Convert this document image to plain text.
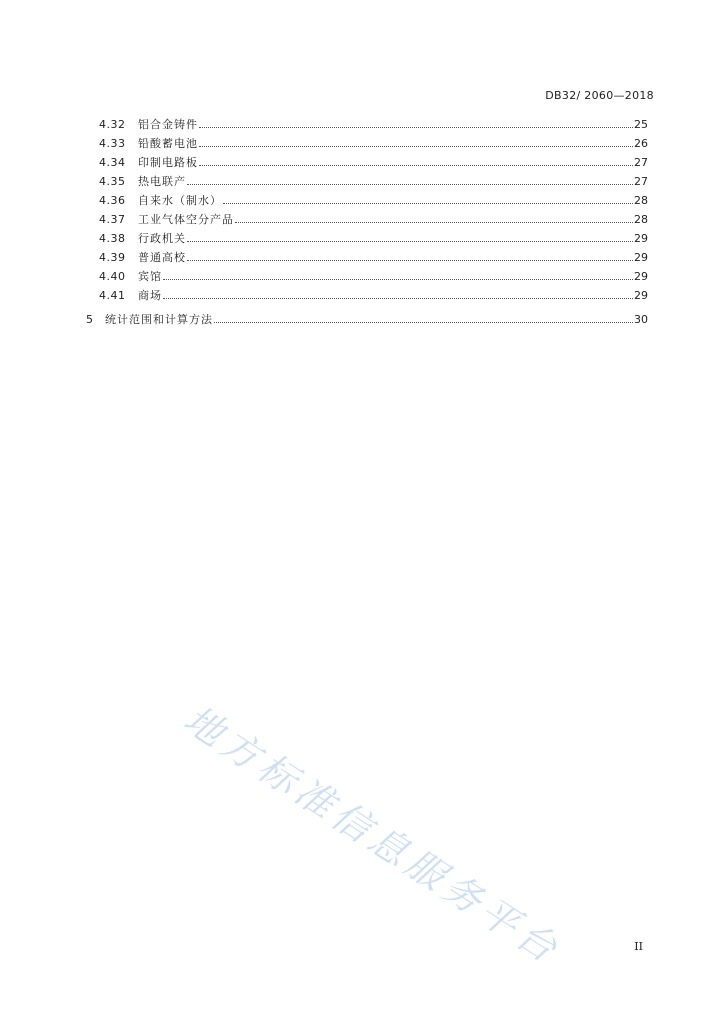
DB32/ 2060—2018
4.32	铝合金铸件	25
4.33	铅酸蓄电池	26
4.34	印制电路板	27
4.35	热电联产	27
4.36	自来水（制水）	28
4.37	工业气体空分产品	28
4.38	行政机关	29
4.39	普通高校	29
4.40	宾馆	29
4.41	商场	29
5	统计范围和计算方法	30
地方标准信息服务平台	II
